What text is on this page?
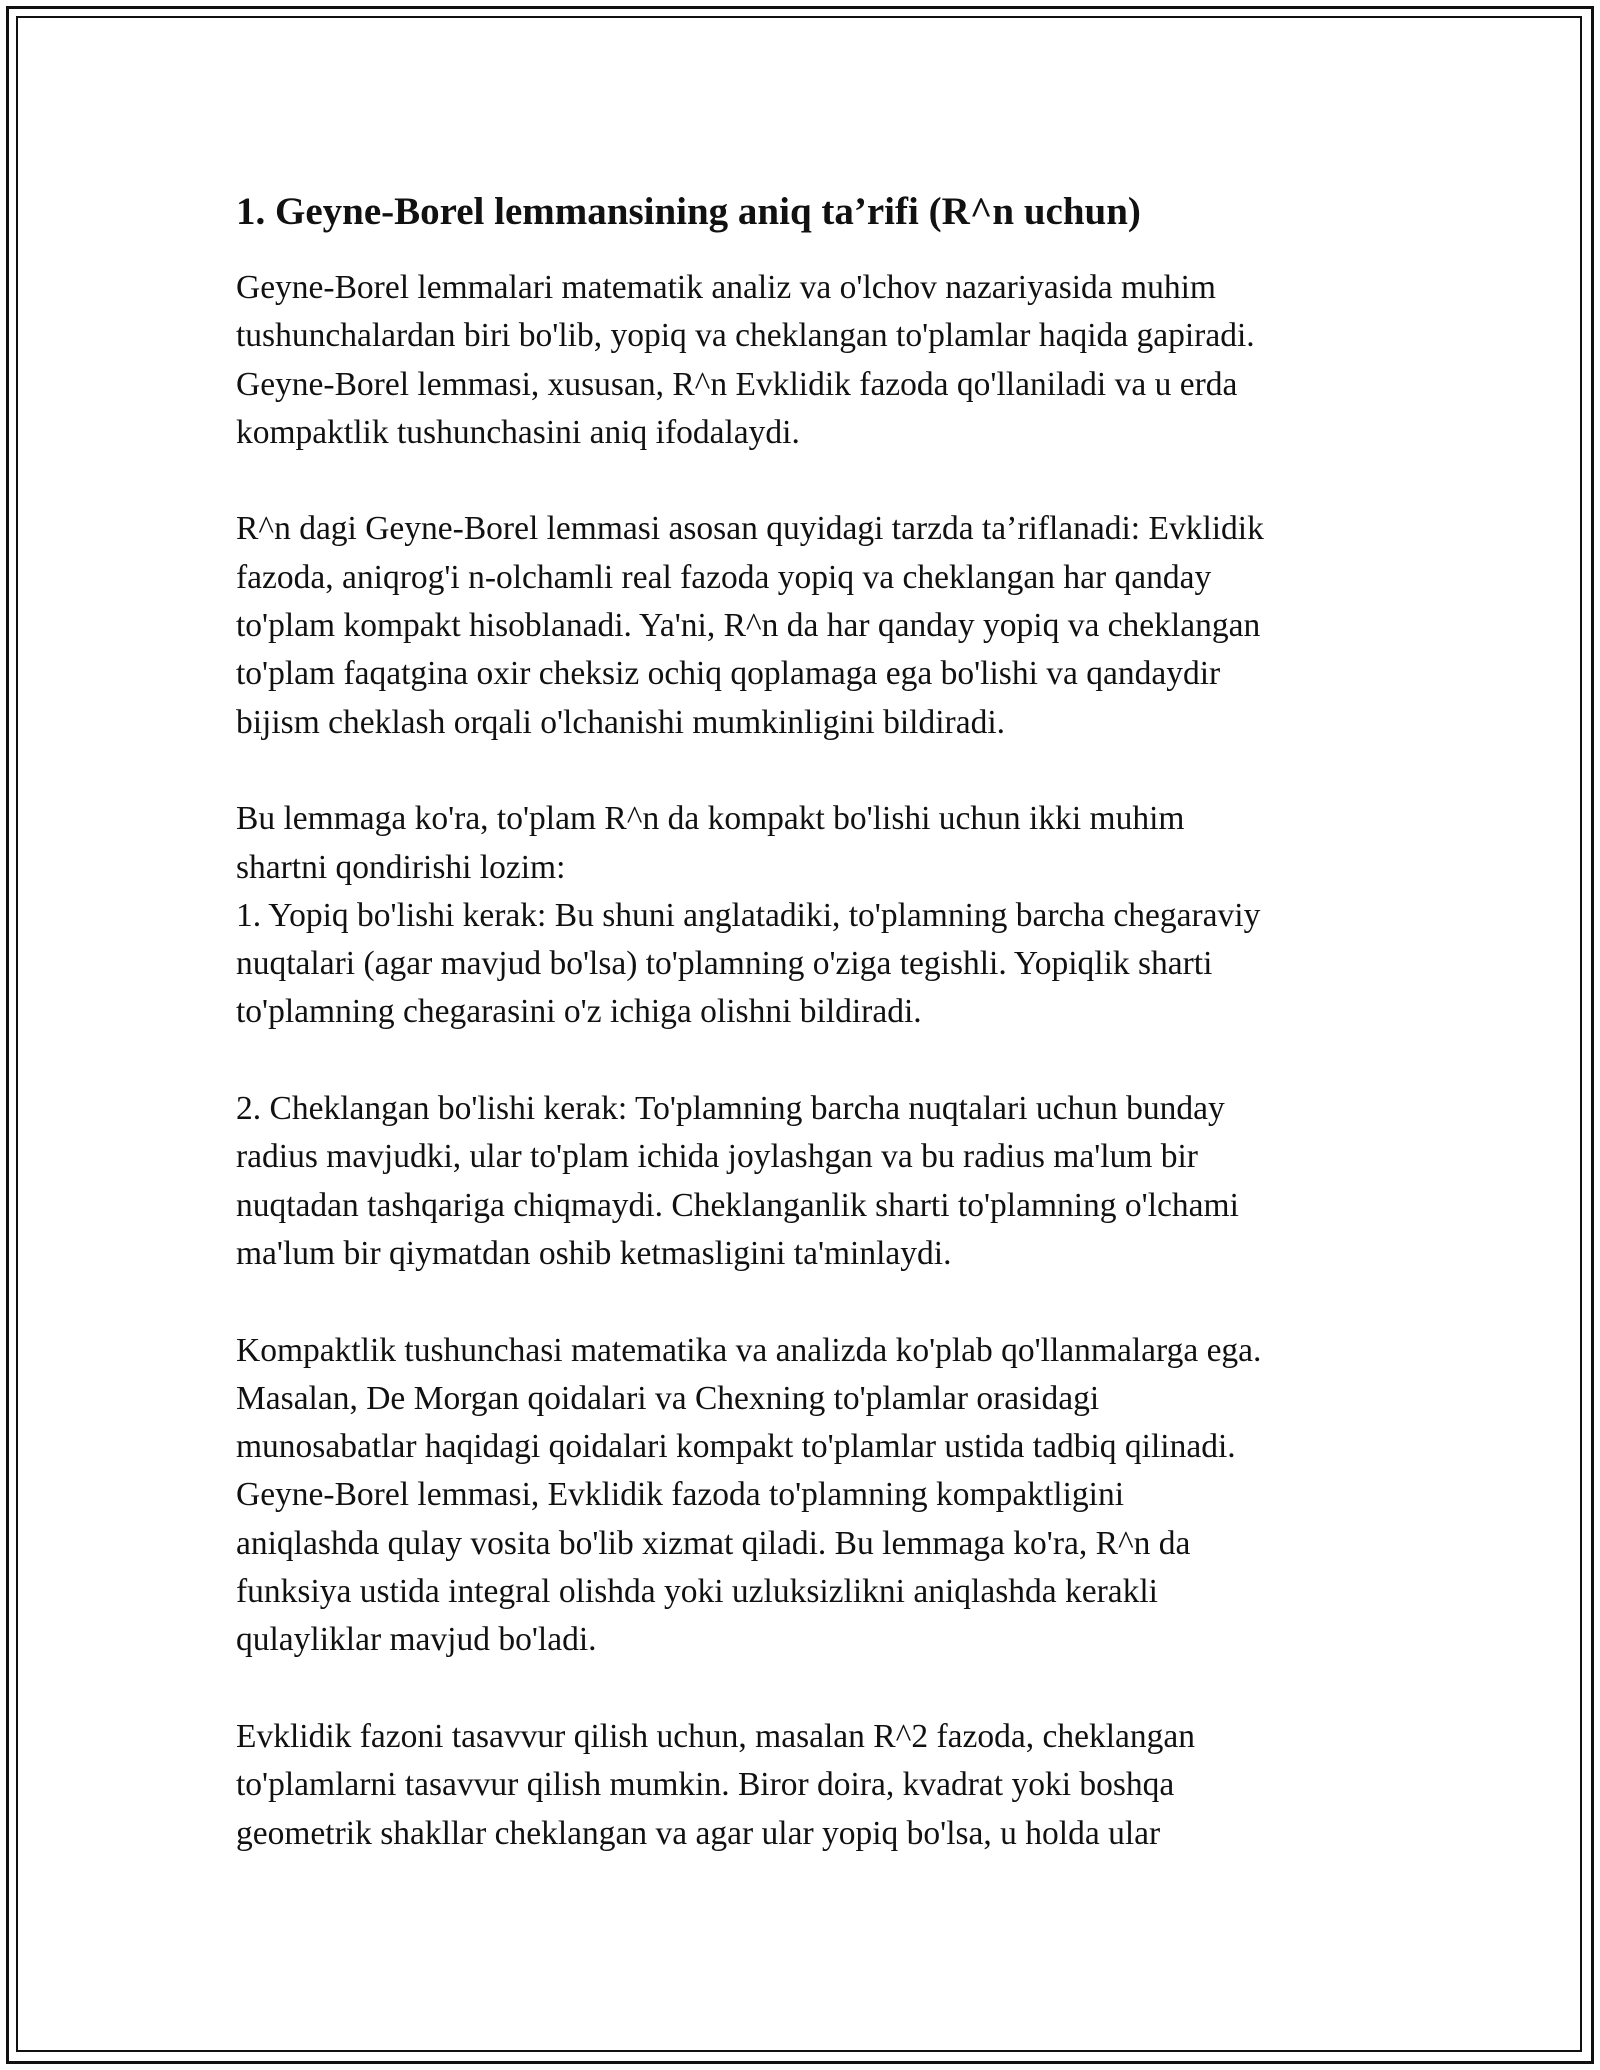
1. Geyne-Borel lemmansining aniq ta’rifi (R^n uchun)
Geyne-Borel lemmalari matematik analiz va o'lchov nazariyasida muhim
tushunchalardan biri bo'lib, yopiq va cheklangan to'plamlar haqida gapiradi.
Geyne-Borel lemmasi, xususan, R^n Evklidik fazoda qo'llaniladi va u erda
kompaktlik tushunchasini aniq ifodalaydi.
R^n dagi Geyne-Borel lemmasi asosan quyidagi tarzda ta’riflanadi: Evklidik
fazoda, aniqrog'i n-olchamli real fazoda yopiq va cheklangan har qanday
to'plam kompakt hisoblanadi. Ya'ni, R^n da har qanday yopiq va cheklangan
to'plam faqatgina oxir cheksiz ochiq qoplamaga ega bo'lishi va qandaydir
bijism cheklash orqali o'lchanishi mumkinligini bildiradi.
Bu lemmaga ko'ra, to'plam R^n da kompakt bo'lishi uchun ikki muhim
shartni qondirishi lozim:
1. Yopiq bo'lishi kerak: Bu shuni anglatadiki, to'plamning barcha chegaraviy
nuqtalari (agar mavjud bo'lsa) to'plamning o'ziga tegishli. Yopiqlik sharti
to'plamning chegarasini o'z ichiga olishni bildiradi.
2. Cheklangan bo'lishi kerak: To'plamning barcha nuqtalari uchun bunday
radius mavjudki, ular to'plam ichida joylashgan va bu radius ma'lum bir
nuqtadan tashqariga chiqmaydi. Cheklanganlik sharti to'plamning o'lchami
ma'lum bir qiymatdan oshib ketmasligini ta'minlaydi.
Kompaktlik tushunchasi matematika va analizda ko'plab qo'llanmalarga ega.
Masalan, De Morgan qoidalari va Chexning to'plamlar orasidagi
munosabatlar haqidagi qoidalari kompakt to'plamlar ustida tadbiq qilinadi.
Geyne-Borel lemmasi, Evklidik fazoda to'plamning kompaktligini
aniqlashda qulay vosita bo'lib xizmat qiladi. Bu lemmaga ko'ra, R^n da
funksiya ustida integral olishda yoki uzluksizlikni aniqlashda kerakli
qulayliklar mavjud bo'ladi.
Evklidik fazoni tasavvur qilish uchun, masalan R^2 fazoda, cheklangan
to'plamlarni tasavvur qilish mumkin. Biror doira, kvadrat yoki boshqa
geometrik shakllar cheklangan va agar ular yopiq bo'lsa, u holda ular
